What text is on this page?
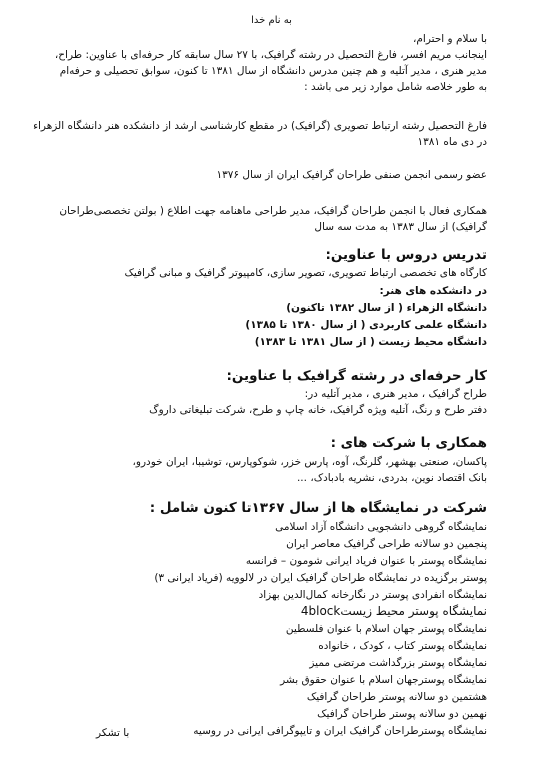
به نام خدا
با سلام و احترام،
اینجانب مریم افسر، فارغ التحصیل در رشته گرافیک، با ۲۷ سال سابقه کار حرفه‌ای با عناوین: طراح،
مدیر هنری ، مدیر آتلیه و هم چنین مدرس دانشگاه از سال ۱۳۸۱ تا کنون، سوابق تحصیلی و حرفه‌ام
به طور خلاصه شامل موارد زیر می باشد :
فارغ التحصیل رشته ارتباط تصویری (گرافیک) در مقطع کارشناسی ارشد از دانشکده هنر دانشگاه الزهراء
در دی ماه ۱۳۸۱
عضو رسمی انجمن صنفی طراحان گرافیک ایران از سال ۱۳۷۶
همکاری فعال با انجمن طراحان گرافیک، مدیر طراحی ماهنامه جهت اطلاع ( بولتن تخصصی‌طراحان
گرافیک) از سال ۱۳۸۳ به مدت سه سال
تدریس دروس با عناوین:
کارگاه های تخصصی ارتباط تصویری، تصویر سازی، کامپیوتر گرافیک و مبانی گرافیک
در دانشکده های هنر:
دانشگاه الزهراء ( از سال ۱۳۸۲ تاکنون)
دانشگاه علمی کاربردی ( از سال ۱۳۸۰ تا ۱۳۸۵)
دانشگاه محیط زیست ( از سال ۱۳۸۱ تا ۱۳۸۳)
کار حرفه‌ای در رشته گرافیک با عناوین:
طراح گرافیک ، مدیر هنری ، مدیر آتلیه در:
دفتر طرح و رنگ، آتلیه ویژه گرافیک، خانه چاپ و طرح، شرکت تبلیغاتی داروگ
همکاری با شرکت های :
پاکسان، صنعتی بهشهر، گلرنگ، آوه، پارس خزر، شوکوپارس، توشیبا، ایران خودرو،
بانک اقتصاد نوین، بدردی، نشریه بادبادک، ...
شرکت در نمایشگاه ها از سال ۱۳۶۷تا کنون شامل :
نمایشگاه گروهی دانشجویی دانشگاه آزاد اسلامی
پنجمین دو سالانه طراحی گرافیک معاصر ایران
نمایشگاه پوستر با عنوان فریاد ایرانی شومون – فرانسه
پوستر برگزیده در نمایشگاه طراحان گرافیک ایران در لالوویه (فریاد ایرانی ۳)
نمایشگاه انفرادی پوستر در نگارخانه کمال‌الدین بهزاد
نمایشگاه پوستر محیط زیست4block
نمایشگاه پوستر جهان اسلام با عنوان فلسطین
نمایشگاه پوستر کتاب ، کودک ، خانواده
نمایشگاه پوستر بزرگداشت مرتضی ممیز
نمایشگاه پوسترجهان اسلام با عنوان حقوق بشر
هشتمین دو سالانه پوستر طراحان گرافیک
نهمین دو سالانه پوستر طراحان گرافیک
نمایشگاه پوسترطراحان گرافیک ایران و تایپوگرافی ایرانی در روسیه
با تشکر
